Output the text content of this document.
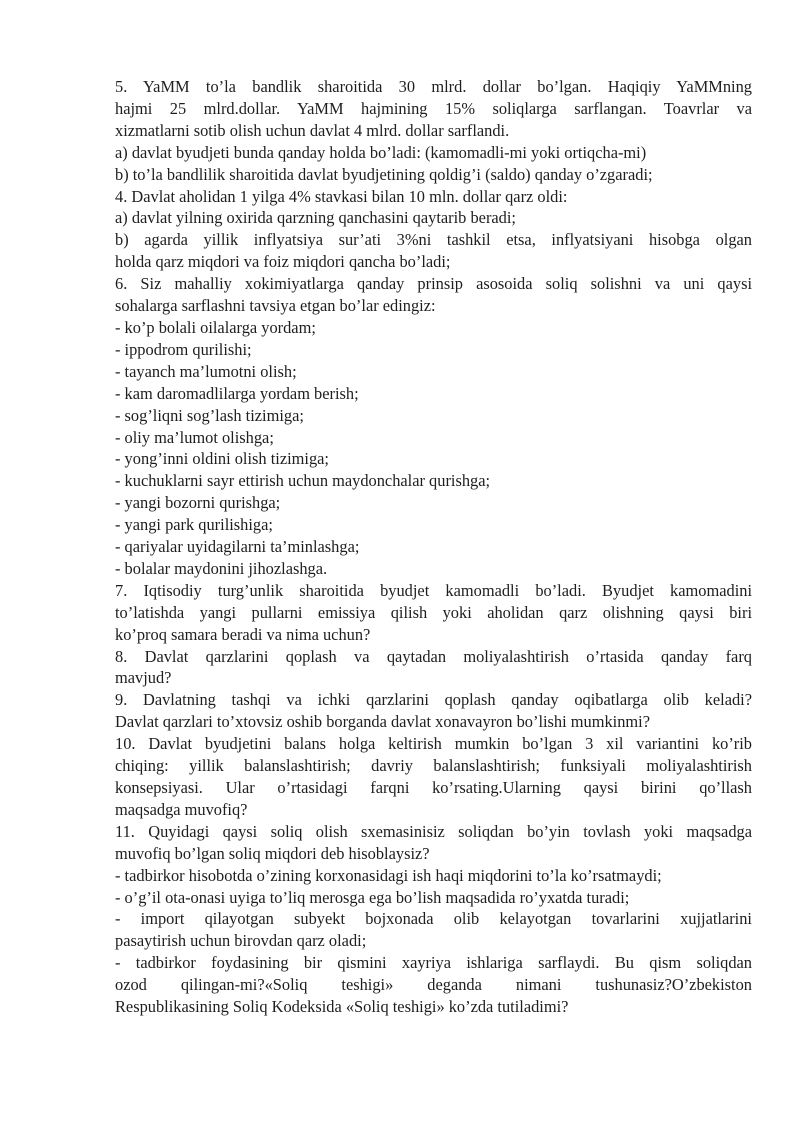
5. YaMM to’la bandlik sharoitida 30 mlrd. dollar bo’lgan. Haqiqiy YaMMning
hajmi 25 mlrd.dollar. YaMM hajmining 15% soliqlarga sarflangan. Toavrlar va
xizmatlarni sotib olish uchun davlat 4 mlrd. dollar sarflandi.
a) davlat byudjeti bunda qanday holda bo’ladi: (kamomadli-mi yoki ortiqcha-mi)
b) to’la bandlilik sharoitida davlat byudjetining qoldig’i (saldo) qanday o’zgaradi;
4. Davlat aholidan 1 yilga 4% stavkasi bilan 10 mln. dollar qarz oldi:
a) davlat yilning oxirida qarzning qanchasini qaytarib beradi;
b) agarda yillik inflyatsiya sur’ati 3%ni tashkil etsa, inflyatsiyani hisobga olgan
holda qarz miqdori va foiz miqdori qancha bo’ladi;
6. Siz mahalliy xokimiyatlarga qanday prinsip asosoida soliq solishni va uni qaysi
sohalarga sarflashni tavsiya etgan bo’lar edingiz:
- ko’p bolali oilalarga yordam;
- ippodrom qurilishi;
- tayanch ma’lumotni olish;
- kam daromadlilarga yordam berish;
- sog’liqni sog’lash tizimiga;
- oliy ma’lumot olishga;
- yong’inni oldini olish tizimiga;
- kuchuklarni sayr ettirish uchun maydonchalar qurishga;
- yangi bozorni qurishga;
- yangi park qurilishiga;
- qariyalar uyidagilarni ta’minlashga;
- bolalar maydonini jihozlashga.
7. Iqtisodiy turg’unlik sharoitida byudjet kamomadli bo’ladi. Byudjet kamomadini
to’latishda yangi pullarni emissiya qilish yoki aholidan qarz olishning qaysi biri
ko’proq samara beradi va nima uchun?
8. Davlat qarzlarini qoplash va qaytadan moliyalashtirish o’rtasida qanday farq
mavjud?
9. Davlatning tashqi va ichki qarzlarini qoplash qanday oqibatlarga olib keladi?
Davlat qarzlari to’xtovsiz oshib borganda davlat xonavayron bo’lishi mumkinmi?
10. Davlat byudjetini balans holga keltirish mumkin bo’lgan 3 xil variantini ko’rib
chiqing: yillik balanslashtirish; davriy balanslashtirish; funksiyali moliyalashtirish
konsepsiyasi. Ular o’rtasidagi farqni ko’rsating.Ularning qaysi birini qo’llash
maqsadga muvofiq?
11. Quyidagi qaysi soliq olish sxemasinisiz soliqdan bo’yin tovlash yoki maqsadga
muvofiq bo’lgan soliq miqdori deb hisoblaysiz?
- tadbirkor hisobotda o’zining korxonasidagi ish haqi miqdorini to’la ko’rsatmaydi;
- o’g’il ota-onasi uyiga to’liq merosga ega bo’lish maqsadida ro’yxatda turadi;
- import qilayotgan subyekt bojxonada olib kelayotgan tovarlarini xujjatlarini
pasaytirish uchun birovdan qarz oladi;
- tadbirkor foydasining bir qismini xayriya ishlariga sarflaydi. Bu qism soliqdan
ozod qilingan-mi?«Soliq teshigi» deganda nimani tushunasiz?O’zbekiston
Respublikasining Soliq Kodeksida «Soliq teshigi» ko’zda tutiladimi?
